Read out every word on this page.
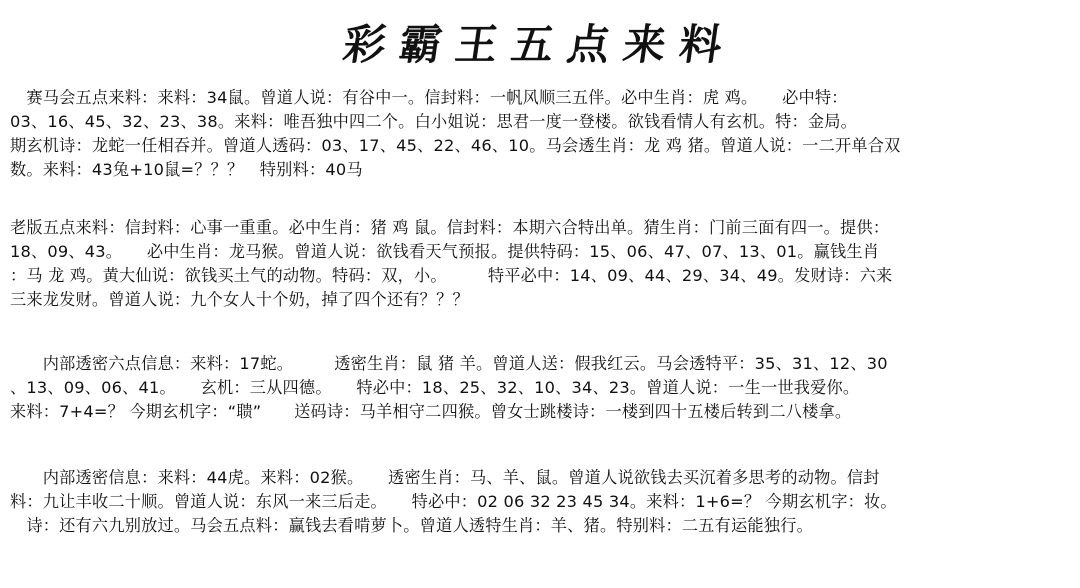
彩霸王五点来料
　赛马会五点来料：来料：34鼠。曾道人说：有谷中一。信封料：一帆风顺三五伴。必中生肖：虎 鸡。　　必中特：
03、16、45、32、23、38。来料：唯吾独中四二个。白小姐说：思君一度一登楼。欲钱看情人有玄机。特：金局。
期玄机诗：龙蛇一任相吞并。曾道人透码：03、17、45、22、46、10。马会透生肖：龙 鸡 猪。曾道人说：一二开单合双
数。来料：43兔+10鼠=？？？　特别料：40马
老版五点来料：信封料：心事一重重。必中生肖：猪 鸡 鼠。信封料：本期六合特出单。猜生肖：门前三面有四一。提供：
18、09、43。　　必中生肖：龙马猴。曾道人说：欲钱看天气预报。提供特码：15、06、47、07、13、01。赢钱生肖
：马 龙 鸡。黄大仙说：欲钱买土气的动物。特码：双，小。　　　特平必中：14、09、44、29、34、49。发财诗：六来
三来龙发财。曾道人说：九个女人十个奶，掉了四个还有？？？
　　内部透密六点信息：来料：17蛇。　　　透密生肖：鼠 猪 羊。曾道人送：假我红云。马会透特平：35、31、12、30
、13、09、06、41。　　玄机：三从四德。　　特必中：18、25、32、10、34、23。曾道人说：一生一世我爱你。
来料：7+4=？ 今期玄机字：“聩”　　送码诗：马羊相守二四猴。曾女士跳楼诗：一楼到四十五楼后转到二八楼拿。
　　内部透密信息：来料：44虎。来料：02猴。　　透密生肖：马、羊、鼠。曾道人说欲钱去买沉着多思考的动物。信封
料：九让丰收二十顺。曾道人说：东风一来三后走。　　特必中：02 06 32 23 45 34。来料：1+6=？ 今期玄机字：妆。
　诗：还有六九别放过。马会五点料：赢钱去看啃萝卜。曾道人透特生肖：羊、猪。特别料：二五有运能独行。
